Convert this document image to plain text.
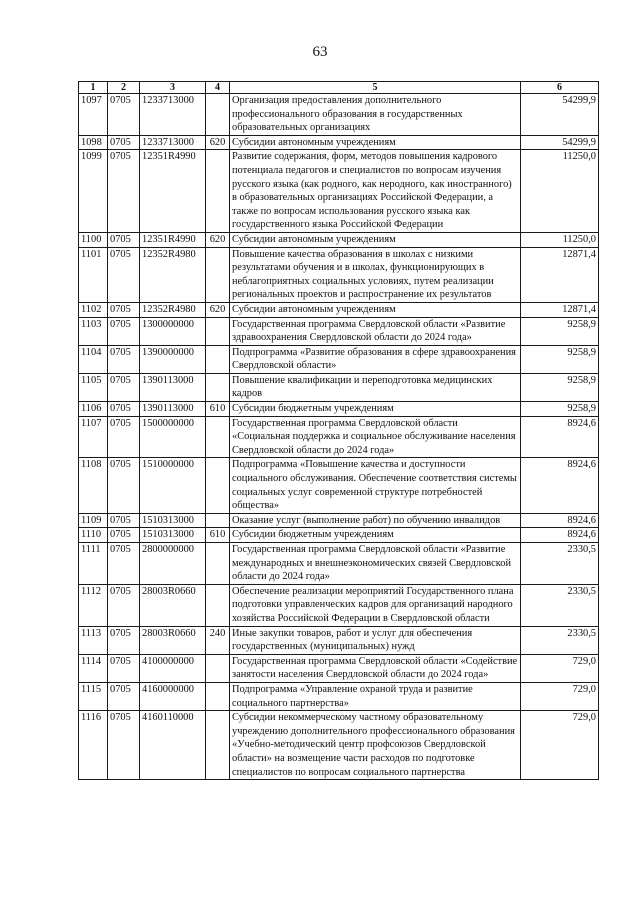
63
1	2	3	4	5	6
1097	0705	1233713000		Организация предоставления дополнительного профессионального образования в государственных образовательных организациях	54299,9
1098	0705	1233713000	620	Субсидии автономным учреждениям	54299,9
1099	0705	12351R4990		Развитие содержания, форм, методов повышения кадрового потенциала педагогов и специалистов по вопросам изучения русского языка (как родного, как неродного, как иностранного) в образовательных организациях Российской Федерации, а также по вопросам использования русского языка как государственного языка Российской Федерации	11250,0
1100	0705	12351R4990	620	Субсидии автономным учреждениям	11250,0
1101	0705	12352R4980		Повышение качества образования в школах с низкими результатами обучения и в школах, функционирующих в неблагоприятных социальных условиях, путем реализации региональных проектов и распространение их результатов	12871,4
1102	0705	12352R4980	620	Субсидии автономным учреждениям	12871,4
1103	0705	1300000000		Государственная программа Свердловской области «Развитие здравоохранения Свердловской области до 2024 года»	9258,9
1104	0705	1390000000		Подпрограмма «Развитие образования в сфере здравоохранения Свердловской области»	9258,9
1105	0705	1390113000		Повышение квалификации и переподготовка медицинских кадров	9258,9
1106	0705	1390113000	610	Субсидии бюджетным учреждениям	9258,9
1107	0705	1500000000		Государственная программа Свердловской области «Социальная поддержка и социальное обслуживание населения Свердловской области до 2024 года»	8924,6
1108	0705	1510000000		Подпрограмма «Повышение качества и доступности социального обслуживания. Обеспечение соответствия системы социальных услуг современной структуре потребностей общества»	8924,6
1109	0705	1510313000		Оказание услуг (выполнение работ) по обучению инвалидов	8924,6
1110	0705	1510313000	610	Субсидии бюджетным учреждениям	8924,6
1111	0705	2800000000		Государственная программа Свердловской области «Развитие международных и внешнеэкономических связей Свердловской области до 2024 года»	2330,5
1112	0705	28003R0660		Обеспечение реализации мероприятий Государственного плана подготовки управленческих кадров для организаций народного хозяйства Российской Федерации в Свердловской области	2330,5
1113	0705	28003R0660	240	Иные закупки товаров, работ и услуг для обеспечения государственных (муниципальных) нужд	2330,5
1114	0705	4100000000		Государственная программа Свердловской области «Содействие занятости населения Свердловской области до 2024 года»	729,0
1115	0705	4160000000		Подпрограмма «Управление охраной труда и развитие социального партнерства»	729,0
1116	0705	4160110000		Субсидии некоммерческому частному образовательному учреждению дополнительного профессионального образования «Учебно-методический центр профсоюзов Свердловской области» на возмещение части расходов по подготовке специалистов по вопросам социального партнерства	729,0
